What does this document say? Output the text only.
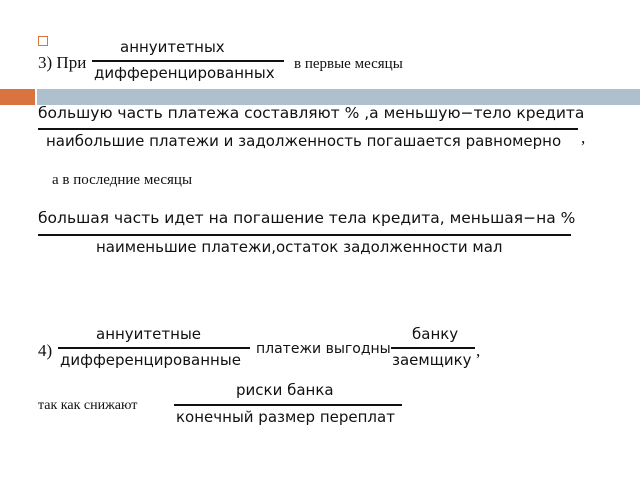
3) При
аннуитетных
дифференцированных в первые месяцы
большую часть платежа составляют % ,а меньшую−тело кредита
наибольшие платежи и задолженность погашается равномерно ,
а в последние месяцы
большая часть идет на погашение тела кредита, меньшая−на %
наименьшие платежи,остаток задолженности мал
4)
аннуитетные
дифференцированные
платежи выгодны
банку
заемщику ,
так как снижают
риски банка
конечный размер переплат
